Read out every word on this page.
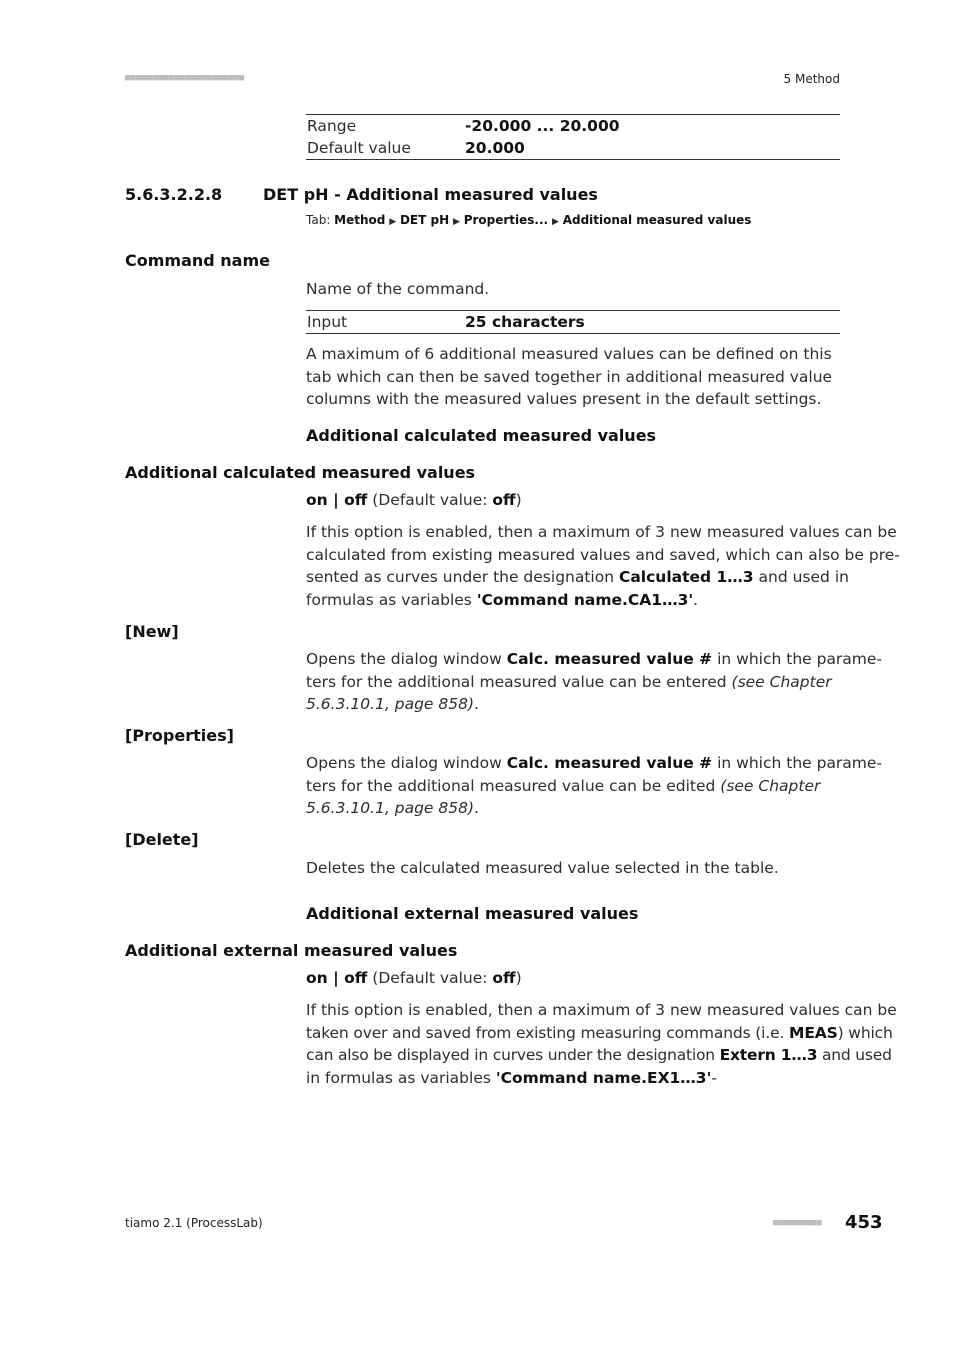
■■■■■■■■■■■■■■■■■■■■■■	5 Method
Range	-20.000 ... 20.000
Default value	20.000
5.6.3.2.2.8	DET pH - Additional measured values
Tab: Method ▶ DET pH ▶ Properties... ▶ Additional measured values
Command name
Name of the command.
Input	25 characters
A maximum of 6 additional measured values can be defined on this tab which can then be saved together in additional measured value columns with the measured values present in the default settings.
Additional calculated measured values
Additional calculated measured values
on | off (Default value: off)
If this option is enabled, then a maximum of 3 new measured values can be
calculated from existing measured values and saved, which can also be pre-
sented as curves under the designation Calculated 1…3 and used in
formulas as variables 'Command name.CA1…3'.
[New]
Opens the dialog window Calc. measured value # in which the parame-
ters for the additional measured value can be entered (see Chapter
5.6.3.10.1, page 858).
[Properties]
Opens the dialog window Calc. measured value # in which the parame-
ters for the additional measured value can be edited (see Chapter
5.6.3.10.1, page 858).
[Delete]
Deletes the calculated measured value selected in the table.
Additional external measured values
Additional external measured values
on | off (Default value: off)
If this option is enabled, then a maximum of 3 new measured values can be
taken over and saved from existing measuring commands (i.e. MEAS) which
can also be displayed in curves under the designation Extern 1…3 and used
in formulas as variables 'Command name.EX1…3'-
tiamo 2.1 (ProcessLab)	■■■■■■■■■ 453
